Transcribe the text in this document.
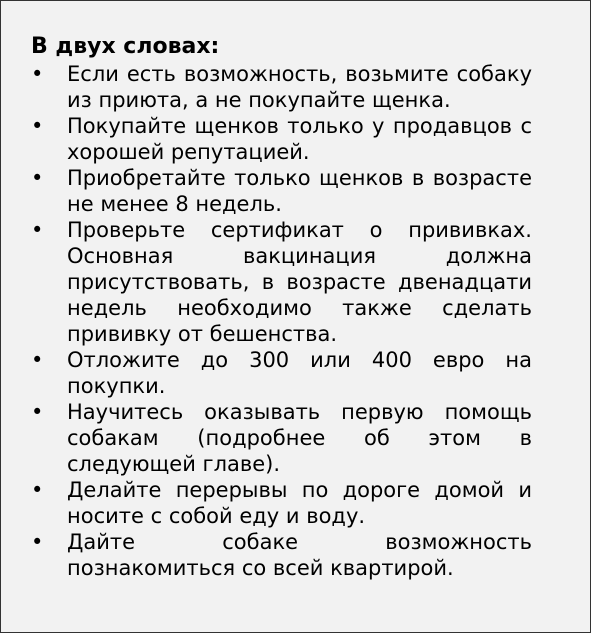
В двух словах:
•	Если есть возможность, возьмите собаку из приюта, а не покупайте щенка.
•	Покупайте щенков только у продавцов с хорошей репутацией.
•	Приобретайте только щенков в возрасте не менее 8 недель.
•	Проверьте сертификат о прививках. Основная вакцинация должна присутствовать, в возрасте двенадцати недель необходимо также сделать прививку от бешенства.
•	Отложите до 300 или 400 евро на покупки.
•	Научитесь оказывать первую помощь собакам (подробнее об этом в следующей главе).
•	Делайте перерывы по дороге домой и носите с собой еду и воду.
•	Дайте собаке возможность познакомиться со всей квартирой.
